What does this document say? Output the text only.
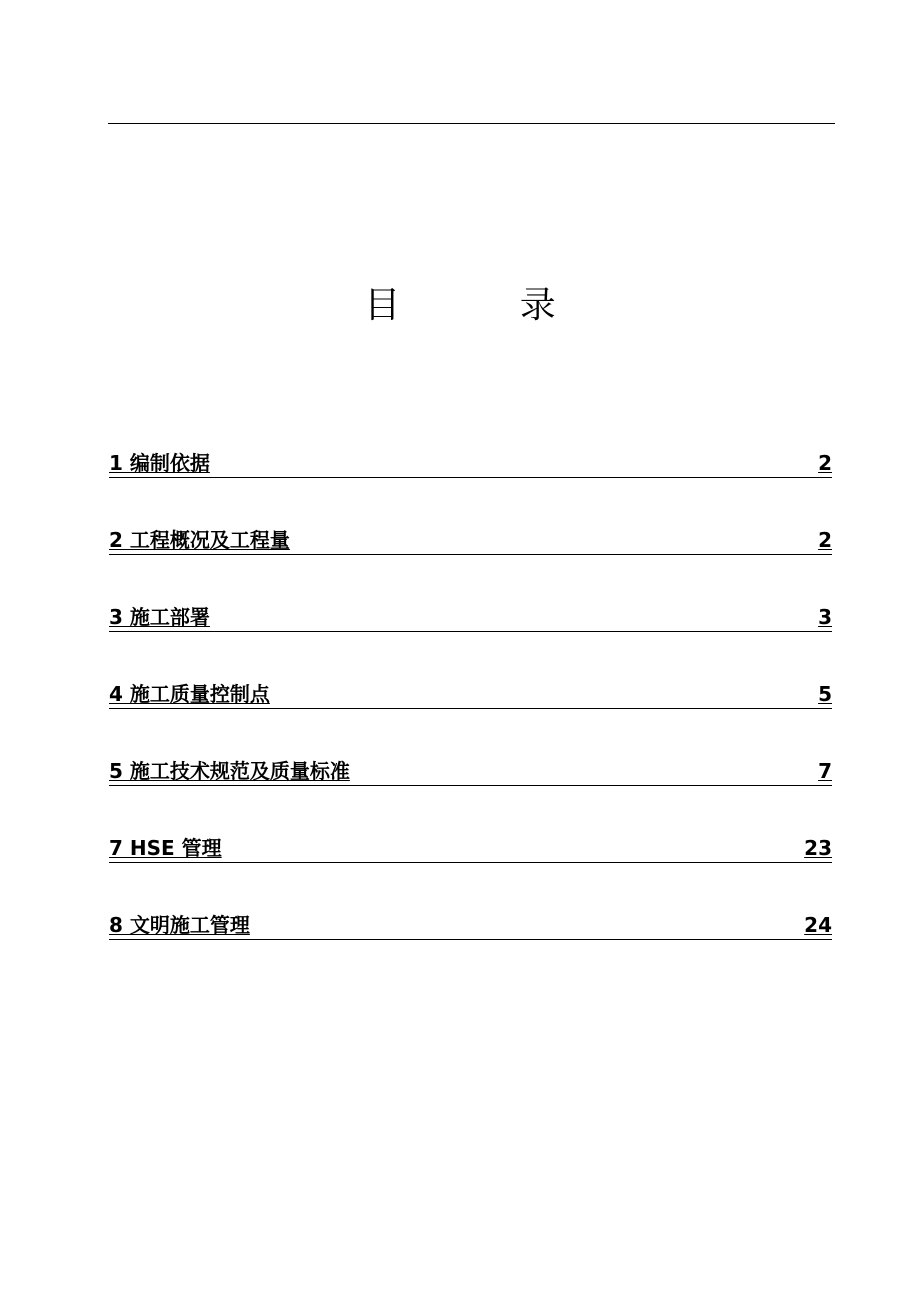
目 录
1 编制依据	2
2 工程概况及工程量	2
3 施工部署	3
4 施工质量控制点	5
5 施工技术规范及质量标准	7
7 HSE 管理	23
8 文明施工管理	24
